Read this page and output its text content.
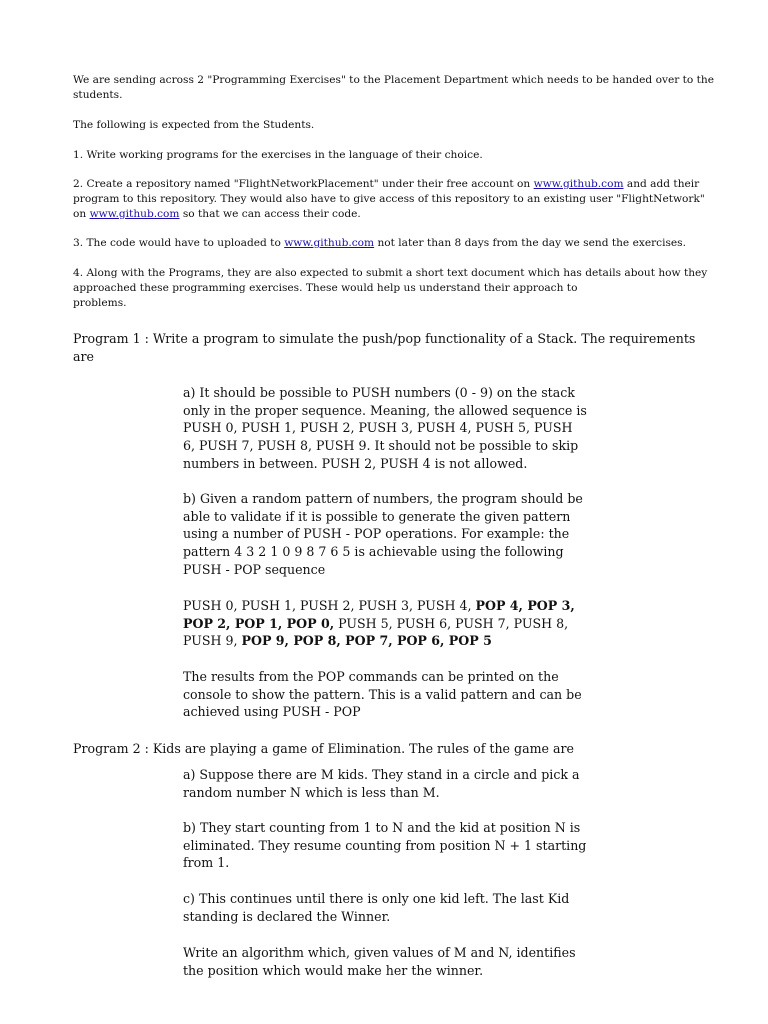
We are sending across 2 "Programming Exercises" to the Placement Department which needs to be handed over to the
students.

The following is expected from the Students.

1. Write working programs for the exercises in the language of their choice.

2. Create a repository named "FlightNetworkPlacement" under their free account on www.github.com and add their
program to this repository. They would also have to give access of this repository to an existing user "FlightNetwork"
on www.github.com so that we can access their code.

3. The code would have to uploaded to www.github.com not later than 8 days from the day we send the exercises.

4. Along with the Programs, they are also expected to submit a short text document which has details about how they
approached these programming exercises. These would help us understand their approach to
problems.

Program 1 : Write a program to simulate the push/pop functionality of a Stack. The requirements
are

a) It should be possible to PUSH numbers (0 - 9) on the stack
only in the proper sequence. Meaning, the allowed sequence is
PUSH 0, PUSH 1, PUSH 2, PUSH 3, PUSH 4, PUSH 5, PUSH
6, PUSH 7, PUSH 8, PUSH 9. It should not be possible to skip
numbers in between. PUSH 2, PUSH 4 is not allowed.

b) Given a random pattern of numbers, the program should be
able to validate if it is possible to generate the given pattern
using a number of PUSH - POP operations. For example: the
pattern 4 3 2 1 0 9 8 7 6 5 is achievable using the following
PUSH - POP sequence

PUSH 0, PUSH 1, PUSH 2, PUSH 3, PUSH 4, POP 4, POP 3,
POP 2, POP 1, POP 0, PUSH 5, PUSH 6, PUSH 7, PUSH 8,
PUSH 9, POP 9, POP 8, POP 7, POP 6, POP 5

The results from the POP commands can be printed on the
console to show the pattern. This is a valid pattern and can be
achieved using PUSH - POP

Program 2 : Kids are playing a game of Elimination. The rules of the game are

a) Suppose there are M kids. They stand in a circle and pick a
random number N which is less than M.

b) They start counting from 1 to N and the kid at position N is
eliminated. They resume counting from position N + 1 starting
from 1.

c) This continues until there is only one kid left. The last Kid
standing is declared the Winner.

Write an algorithm which, given values of M and N, identifies
the position which would make her the winner.
